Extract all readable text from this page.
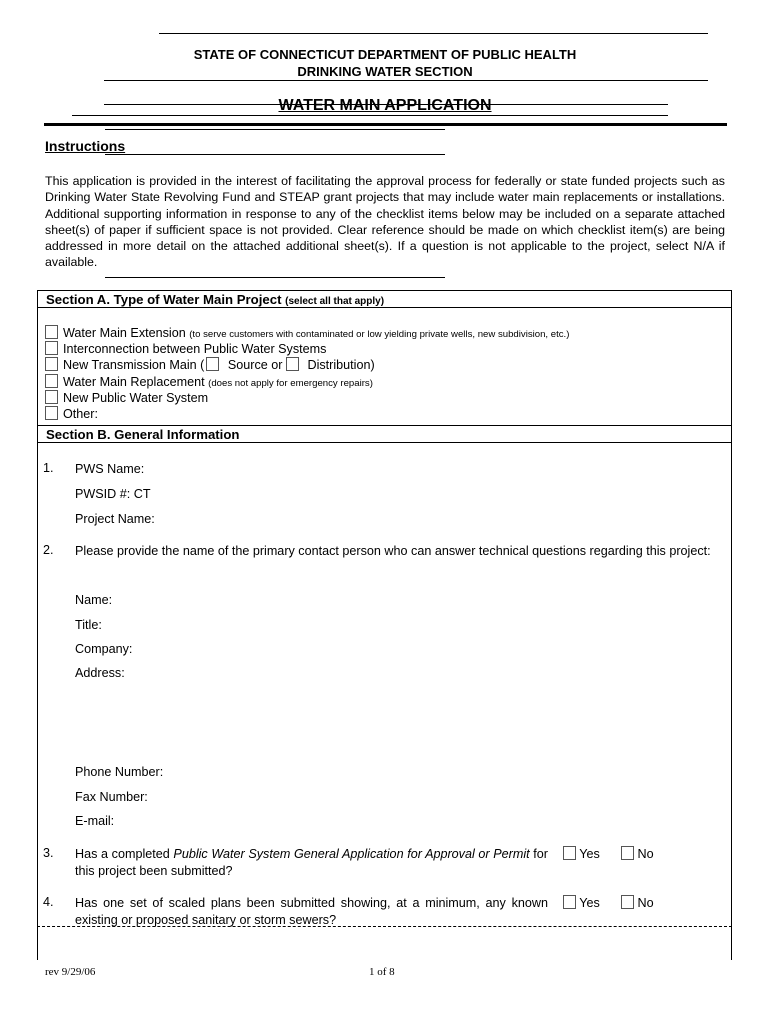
STATE OF CONNECTICUT DEPARTMENT OF PUBLIC HEALTH
DRINKING WATER SECTION
WATER MAIN APPLICATION
Instructions
This application is provided in the interest of facilitating the approval process for federally or state funded projects such as Drinking Water State Revolving Fund and STEAP grant projects that may include water main replacements or installations. Additional supporting information in response to any of the checklist items below may be included on a separate attached sheet(s) of paper if sufficient space is not provided. Clear reference should be made on which checklist item(s) are being addressed in more detail on the attached additional sheet(s). If a question is not applicable to the project, select N/A if available.
Section A. Type of Water Main Project (select all that apply)
Water Main Extension (to serve customers with contaminated or low yielding private wells, new subdivision, etc.)
Interconnection between Public Water Systems
New Transmission Main ( Source or Distribution)
Water Main Replacement (does not apply for emergency repairs)
New Public Water System
Other:
Section B. General Information
1. PWS Name:
PWSID #: CT
Project Name:
2. Please provide the name of the primary contact person who can answer technical questions regarding this project:
Name:
Title:
Company:
Address:
Phone Number:
Fax Number:
E-mail:
3. Has a completed Public Water System General Application for Approval or Permit for this project been submitted?
Yes	No
4. Has one set of scaled plans been submitted showing, at a minimum, any known existing or proposed sanitary or storm sewers?
Yes	No
rev 9/29/06	1 of 8
